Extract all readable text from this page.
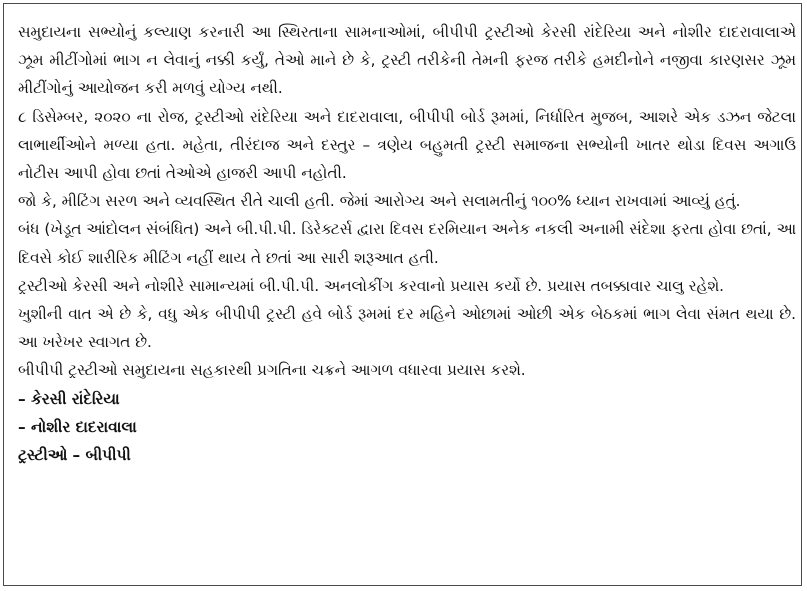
સમુદાયના સભ્યોનું કલ્યાણ કરનારી આ સ્થિરતાના સામનાઓમાં, બીપીપી ટ્રસ્ટીઓ કેરસી રાંદેરિયા અને નોશીર દાદરાવાલાએ ઝૂમ મીટીંગોમાં ભાગ ન લેવાનું નક્કી કર્યું, તેઓ માને છે કે, ટ્રસ્ટી તરીકેની તેમની ફરજ તરીકે હમદીનોને નજીવા કારણસર ઝૂમ મીટીંગોનું આયોજન કરી મળવું યોગ્ય નથી.

૮ ડિસેમ્બર, ૨૦૨૦ ના રોજ, ટ્રસ્ટીઓ રાંદેરિયા અને દાદરાવાલા, બીપીપી બોર્ડ રૂમમાં, નિર્ધારિત મુજબ, આશરે એક ડઝન જેટલા લાભાર્થીઓને મળ્યા હતા. મહેતા, તીરંદાજ અને દસ્તુર – ત્રણેય બહુમતી ટ્રસ્ટી સમાજના સભ્યોની ખાતર થોડા દિવસ અગાઉ નોટીસ આપી હોવા છતાં તેઓએ હાજરી આપી નહોતી.

જો કે, મીટિંગ સરળ અને વ્યવસ્થિત રીતે ચાલી હતી. જેમાં આરોગ્ય અને સલામતીનું ૧૦૦% ધ્યાન રાખવામાં આવ્યું હતું.

બંધ (ખેડૂત આંદોલન સંબંધિત) અને બી.પી.પી. ડિરેક્ટર્સ દ્વારા દિવસ દરમિયાન અનેક નકલી અનામી સંદેશા ફરતા હોવા છતાં, આ દિવસે કોઈ શારીરિક મીટિંગ નહીં થાય તે છતાં આ સારી શરૂઆત હતી.

ટ્રસ્ટીઓ કેરસી અને નોશીરે સામાન્યમાં બી.પી.પી. અનલોકીંગ કરવાનો પ્રયાસ કર્યો છે. પ્રયાસ તબક્કાવાર ચાલુ રહેશે.

ખુશીની વાત એ છે કે, વધુ એક બીપીપી ટ્રસ્ટી હવે બોર્ડ રૂમમાં દર મહિને ઓછામાં ઓછી એક બેઠકમાં ભાગ લેવા સંમત થયા છે. આ ખરેખર સ્વાગત છે.

બીપીપી ટ્રસ્ટીઓ સમુદાયના સહકારથી પ્રગતિના ચક્રને આગળ વધારવા પ્રયાસ કરશે.

– કેરસી રાંદેરિયા

– નોશીર દાદરાવાલા

ટ્રસ્ટીઓ – બીપીપી
